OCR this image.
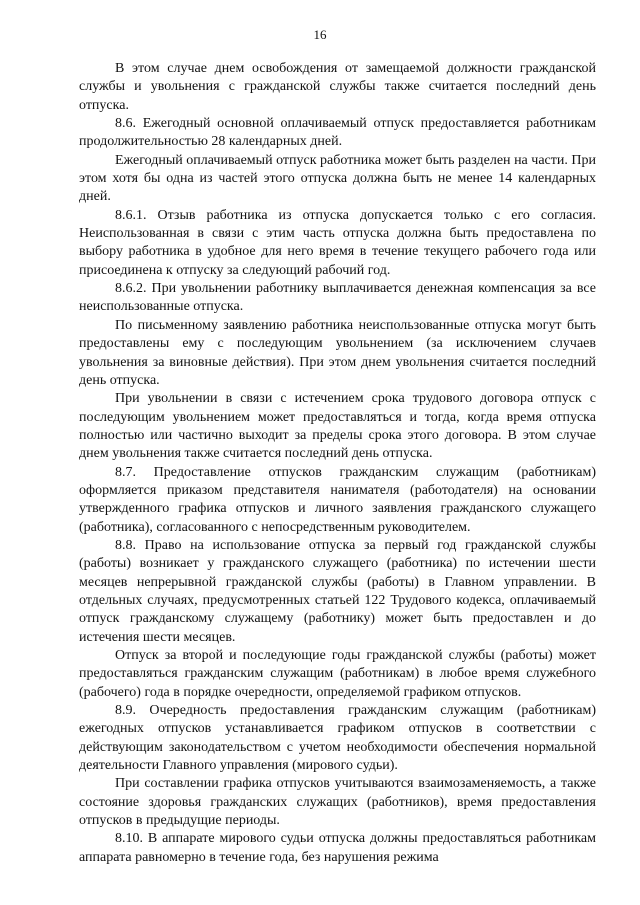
16

В этом случае днем освобождения от замещаемой должности гражданской службы и увольнения с гражданской службы также считается последний день отпуска.

8.6. Ежегодный основной оплачиваемый отпуск предоставляется работникам продолжительностью 28 календарных дней.

Ежегодный оплачиваемый отпуск работника может быть разделен на части. При этом хотя бы одна из частей этого отпуска должна быть не менее 14 календарных дней.

8.6.1. Отзыв работника из отпуска допускается только с его согласия. Неиспользованная в связи с этим часть отпуска должна быть предоставлена по выбору работника в удобное для него время в течение текущего рабочего года или присоединена к отпуску за следующий рабочий год.

8.6.2. При увольнении работнику выплачивается денежная компенсация за все неиспользованные отпуска.

По письменному заявлению работника неиспользованные отпуска могут быть предоставлены ему с последующим увольнением (за исключением случаев увольнения за виновные действия). При этом днем увольнения считается последний день отпуска.

При увольнении в связи с истечением срока трудового договора отпуск с последующим увольнением может предоставляться и тогда, когда время отпуска полностью или частично выходит за пределы срока этого договора. В этом случае днем увольнения также считается последний день отпуска.

8.7. Предоставление отпусков гражданским служащим (работникам) оформляется приказом представителя нанимателя (работодателя) на основании утвержденного графика отпусков и личного заявления гражданского служащего (работника), согласованного с непосредственным руководителем.

8.8. Право на использование отпуска за первый год гражданской службы (работы) возникает у гражданского служащего (работника) по истечении шести месяцев непрерывной гражданской службы (работы) в Главном управлении. В отдельных случаях, предусмотренных статьей 122 Трудового кодекса, оплачиваемый отпуск гражданскому служащему (работнику) может быть предоставлен и до истечения шести месяцев.

Отпуск за второй и последующие годы гражданской службы (работы) может предоставляться гражданским служащим (работникам) в любое время служебного (рабочего) года в порядке очередности, определяемой графиком отпусков.

8.9. Очередность предоставления гражданским служащим (работникам) ежегодных отпусков устанавливается графиком отпусков в соответствии с действующим законодательством с учетом необходимости обеспечения нормальной деятельности Главного управления (мирового судьи).

При составлении графика отпусков учитываются взаимозаменяемость, а также состояние здоровья гражданских служащих (работников), время предоставления отпусков в предыдущие периоды.

8.10. В аппарате мирового судьи отпуска должны предоставляться работникам аппарата равномерно в течение года, без нарушения режима
